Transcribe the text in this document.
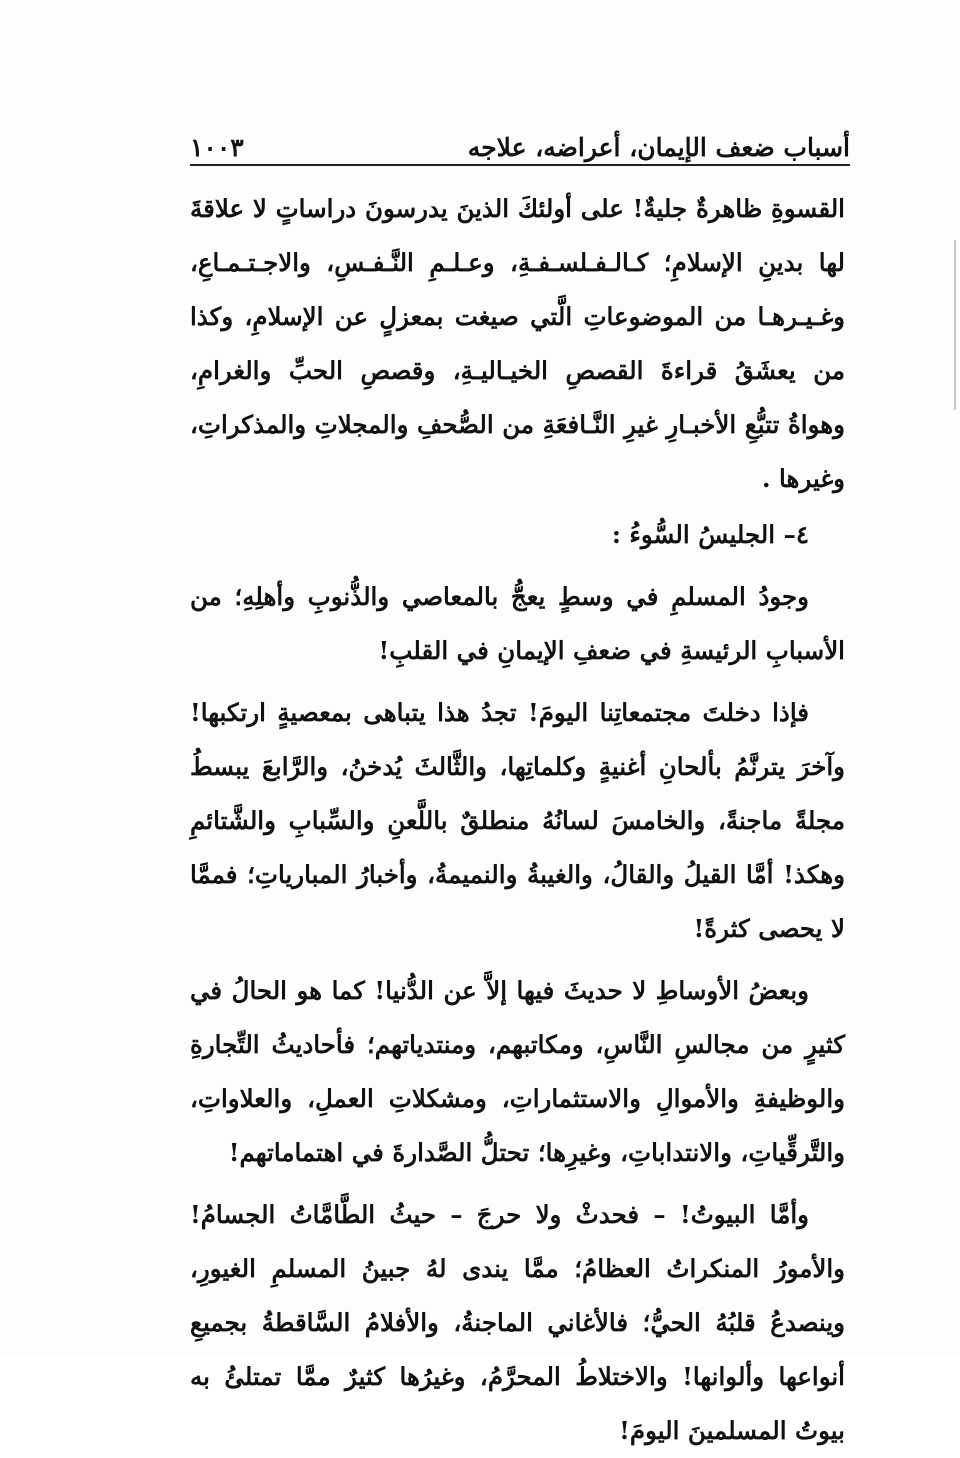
أسباب ضعف الإيمان، أعراضه، علاجه
١٠٠٣

القسوةِ ظاهرةٌ جليةٌ! على أولئكَ الذينَ يدرسونَ دراساتٍ لا علاقةَ لها بدينِ الإسلامِ؛ كـالـفـلسـفـةِ، وعـلـمِ النَّـفـسِ، والاجـتـمـاعِ، وغـيـرهـا من الموضوعاتِ الَّتي صيغت بمعزلٍ عن الإسلامِ، وكذا من يعشَقُ قراءةَ القصصِ الخيـاليـةِ، وقصصِ الحبِّ والغرامِ، وهواةُ تتبُّعِ الأخبـارِ غيرِ النَّـافعَةِ من الصُّحفِ والمجلاتِ والمذكراتِ، وغيرها .

٤– الجليسُ السُّوءُ :

وجودُ المسلمِ في وسطٍ يعجُّ بالمعاصي والذُّنوبِ وأهلِهِ؛ من الأسبابِ الرئيسةِ في ضعفِ الإيمانِ في القلبِ!

فإذا دخلتَ مجتمعاتِنا اليومَ! تجدُ هذا يتباهى بمعصيةٍ ارتكبها! وآخرَ يترنَّمُ بألحانِ أغنيةٍ وكلماتِها، والثَّالثَ يُدخنُ، والرَّابعَ يبسطُ مجلةً ماجنةً، والخامسَ لسانُهُ منطلقٌ باللَّعنِ والسِّبابِ والشَّتائمِ وهكذ! أمَّا القيلُ والقالُ، والغيبةُ والنميمةُ، وأخبارُ المبارياتِ؛ فممَّا لا يحصى كثرةً!

وبعضُ الأوساطِ لا حديثَ فيها إلاَّ عن الدُّنيا! كما هو الحالُ في كثيرٍ من مجالسِ النَّاسِ، ومكاتبهم، ومنتدياتهم؛ فأحاديثُ التِّجارةِ والوظيفةِ والأموالِ والاستثماراتِ، ومشكلاتِ العملِ، والعلاواتِ، والتَّرقِّياتِ، والانتداباتِ، وغيرِها؛ تحتلُّ الصَّدارةَ في اهتماماتهم!

وأمَّا البيوتُ! – فحدثْ ولا حرجَ – حيثُ الطَّامَّاتُ الجسامُ! والأمورُ المنكراتُ العظامُ؛ ممَّا يندى لهُ جبينُ المسلمِ الغيورِ، وينصدعُ قلبُهُ الحيُّ؛ فالأغاني الماجنةُ، والأفلامُ السَّاقطةُ بجميعِ أنواعها وألوانها! والاختلاطُ المحرَّمُ، وغيرُها كثيرٌ ممَّا تمتلئُ به بيوتُ المسلمينَ اليومَ!
